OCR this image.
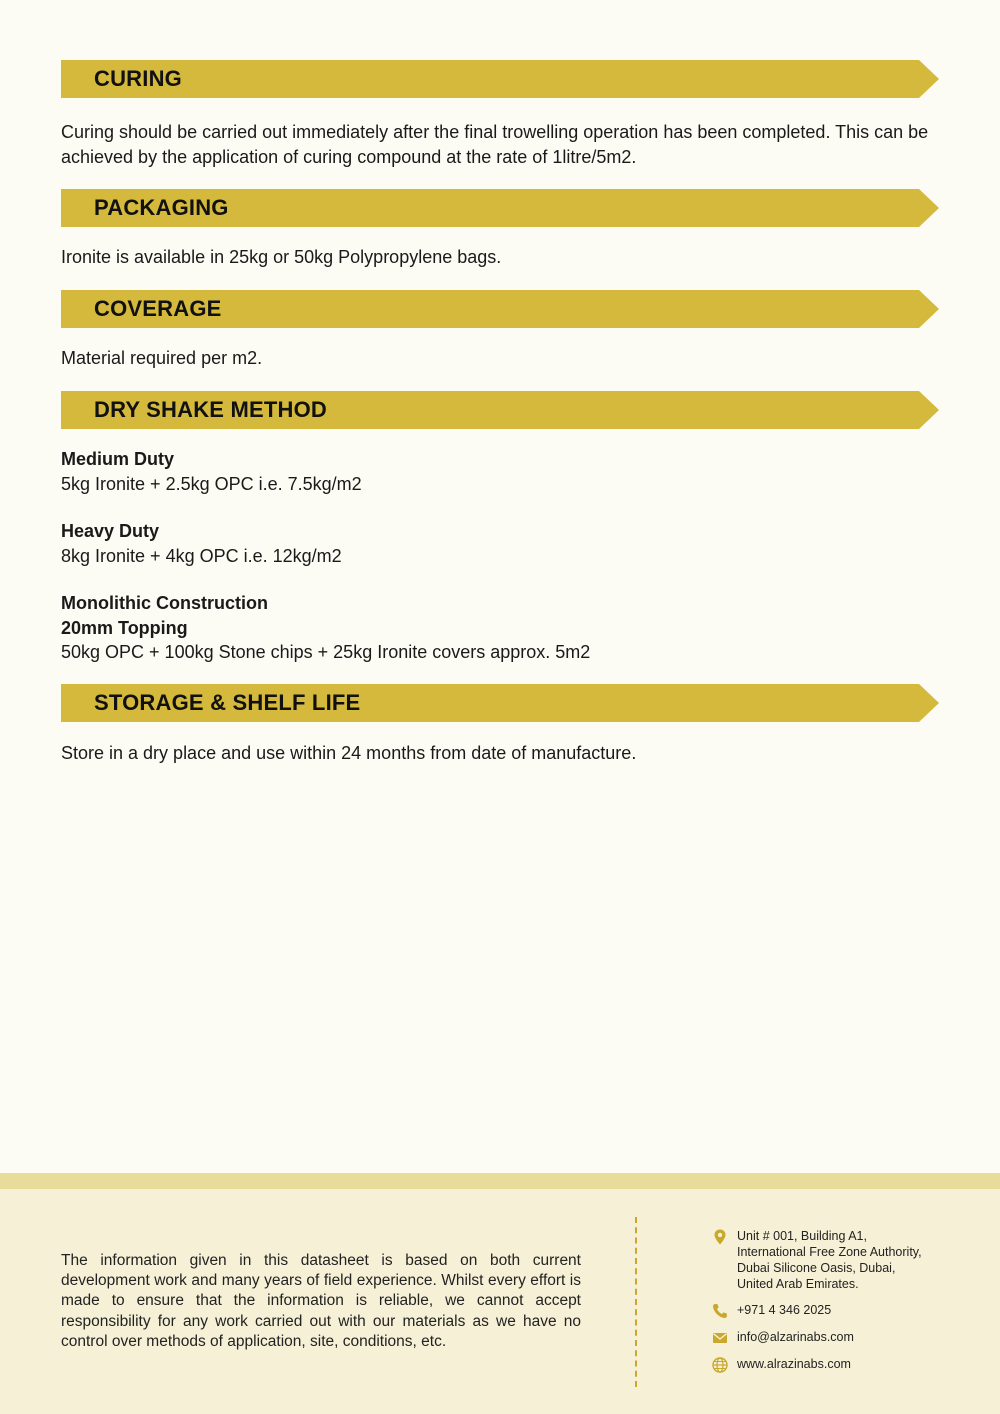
CURING
Curing should be carried out immediately after the final trowelling operation has been completed. This can be achieved by the application of curing compound at the rate of 1litre/5m2.
PACKAGING
Ironite is available in 25kg or 50kg Polypropylene bags.
COVERAGE
Material required per m2.
DRY SHAKE METHOD
Medium Duty
5kg Ironite + 2.5kg OPC i.e. 7.5kg/m2
Heavy Duty
8kg Ironite + 4kg OPC i.e. 12kg/m2
Monolithic Construction
20mm Topping
50kg OPC + 100kg Stone chips + 25kg Ironite covers approx. 5m2
STORAGE & SHELF LIFE
Store in a dry place and use within 24 months from date of manufacture.
The information given in this datasheet is based on both current development work and many years of field experience. Whilst every effort is made to ensure that the information is reliable, we cannot accept responsibility for any work carried out with our materials as we have no control over methods of application, site, conditions, etc.
Unit # 001, Building A1,
International Free Zone Authority,
Dubai Silicone Oasis, Dubai,
United Arab Emirates.
+971 4 346 2025
info@alzarinabs.com
www.alrazinabs.com
